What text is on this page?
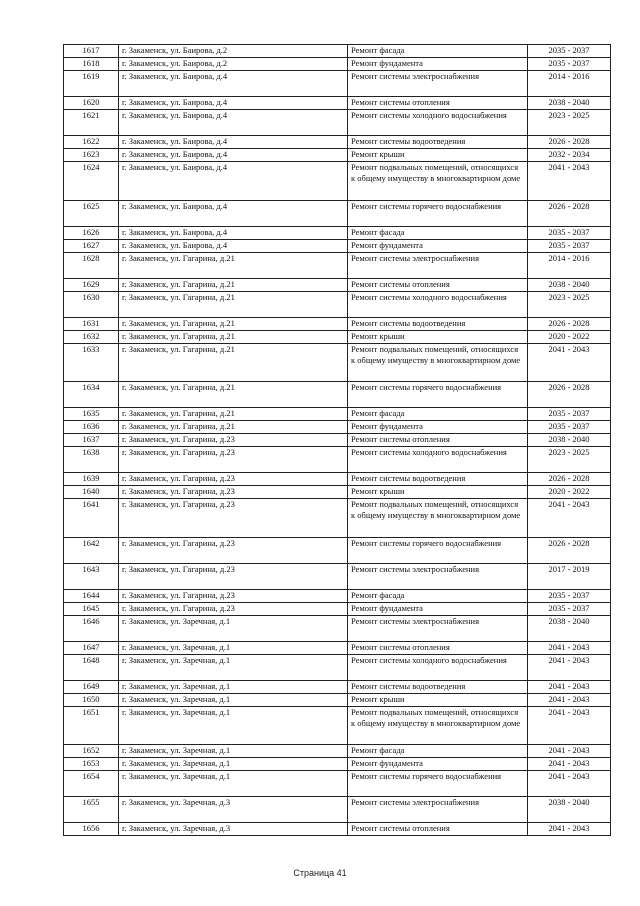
1617	г. Закаменск, ул. Баирова, д.2	Ремонт фасада	2035 - 2037
1618	г. Закаменск, ул. Баирова, д.2	Ремонт фундамента	2035 - 2037
1619	г. Закаменск, ул. Баирова, д.4	Ремонт системы электроснабжения	2014 - 2016
1620	г. Закаменск, ул. Баирова, д.4	Ремонт системы отопления	2038 - 2040
1621	г. Закаменск, ул. Баирова, д.4	Ремонт системы холодного водоснабжения	2023 - 2025
1622	г. Закаменск, ул. Баирова, д.4	Ремонт системы водоотведения	2026 - 2028
1623	г. Закаменск, ул. Баирова, д.4	Ремонт крыши	2032 - 2034
1624	г. Закаменск, ул. Баирова, д.4	Ремонт подвальных помещений, относящихся к общему имуществу в многоквартирном доме	2041 - 2043
1625	г. Закаменск, ул. Баирова, д.4	Ремонт системы горячего водоснабжения	2026 - 2028
1626	г. Закаменск, ул. Баирова, д.4	Ремонт фасада	2035 - 2037
1627	г. Закаменск, ул. Баирова, д.4	Ремонт фундамента	2035 - 2037
1628	г. Закаменск, ул. Гагарина, д.21	Ремонт системы электроснабжения	2014 - 2016
1629	г. Закаменск, ул. Гагарина, д.21	Ремонт системы отопления	2038 - 2040
1630	г. Закаменск, ул. Гагарина, д.21	Ремонт системы холодного водоснабжения	2023 - 2025
1631	г. Закаменск, ул. Гагарина, д.21	Ремонт системы водоотведения	2026 - 2028
1632	г. Закаменск, ул. Гагарина, д.21	Ремонт крыши	2020 - 2022
1633	г. Закаменск, ул. Гагарина, д.21	Ремонт подвальных помещений, относящихся к общему имуществу в многоквартирном доме	2041 - 2043
1634	г. Закаменск, ул. Гагарина, д.21	Ремонт системы горячего водоснабжения	2026 - 2028
1635	г. Закаменск, ул. Гагарина, д.21	Ремонт фасада	2035 - 2037
1636	г. Закаменск, ул. Гагарина, д.21	Ремонт фундамента	2035 - 2037
1637	г. Закаменск, ул. Гагарина, д.23	Ремонт системы отопления	2038 - 2040
1638	г. Закаменск, ул. Гагарина, д.23	Ремонт системы холодного водоснабжения	2023 - 2025
1639	г. Закаменск, ул. Гагарина, д.23	Ремонт системы водоотведения	2026 - 2028
1640	г. Закаменск, ул. Гагарина, д.23	Ремонт крыши	2020 - 2022
1641	г. Закаменск, ул. Гагарина, д.23	Ремонт подвальных помещений, относящихся к общему имуществу в многоквартирном доме	2041 - 2043
1642	г. Закаменск, ул. Гагарина, д.23	Ремонт системы горячего водоснабжения	2026 - 2028
1643	г. Закаменск, ул. Гагарина, д.23	Ремонт системы электроснабжения	2017 - 2019
1644	г. Закаменск, ул. Гагарина, д.23	Ремонт фасада	2035 - 2037
1645	г. Закаменск, ул. Гагарина, д.23	Ремонт фундамента	2035 - 2037
1646	г. Закаменск, ул. Заречная, д.1	Ремонт системы электроснабжения	2038 - 2040
1647	г. Закаменск, ул. Заречная, д.1	Ремонт системы отопления	2041 - 2043
1648	г. Закаменск, ул. Заречная, д.1	Ремонт системы холодного водоснабжения	2041 - 2043
1649	г. Закаменск, ул. Заречная, д.1	Ремонт системы водоотведения	2041 - 2043
1650	г. Закаменск, ул. Заречная, д.1	Ремонт крыши	2041 - 2043
1651	г. Закаменск, ул. Заречная, д.1	Ремонт подвальных помещений, относящихся к общему имуществу в многоквартирном доме	2041 - 2043
1652	г. Закаменск, ул. Заречная, д.1	Ремонт фасада	2041 - 2043
1653	г. Закаменск, ул. Заречная, д.1	Ремонт фундамента	2041 - 2043
1654	г. Закаменск, ул. Заречная, д.1	Ремонт системы горячего водоснабжения	2041 - 2043
1655	г. Закаменск, ул. Заречная, д.3	Ремонт системы электроснабжения	2038 - 2040
1656	г. Закаменск, ул. Заречная, д.3	Ремонт системы отопления	2041 - 2043
Страница 41
